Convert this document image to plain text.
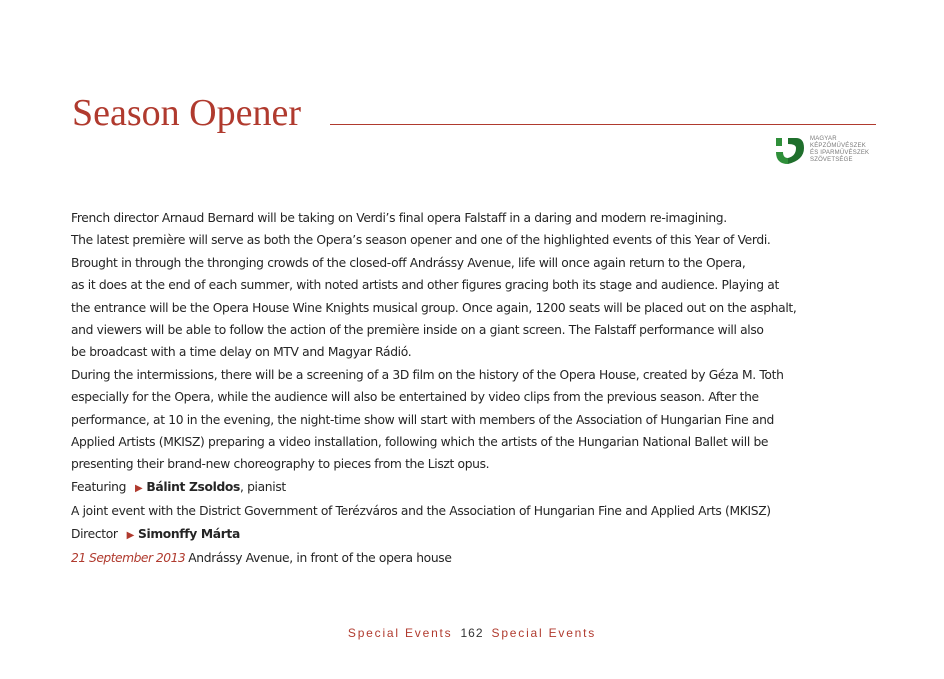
Season Opener
MAGYAR
KÉPZŐMŰVÉSZEK
ÉS IPARMŰVÉSZEK
SZÖVETSÉGE
French director Arnaud Bernard will be taking on Verdi’s final opera Falstaff in a daring and modern re-imagining.
The latest première will serve as both the Opera’s season opener and one of the highlighted events of this Year of Verdi.
Brought in through the thronging crowds of the closed-off Andrássy Avenue, life will once again return to the Opera,
as it does at the end of each summer, with noted artists and other figures gracing both its stage and audience. Playing at
the entrance will be the Opera House Wine Knights musical group. Once again, 1200 seats will be placed out on the asphalt,
and viewers will be able to follow the action of the première inside on a giant screen. The Falstaff performance will also
be broadcast with a time delay on MTV and Magyar Rádió.
During the intermissions, there will be a screening of a 3D film on the history of the Opera House, created by Géza M. Toth
especially for the Opera, while the audience will also be entertained by video clips from the previous season. After the
performance, at 10 in the evening, the night-time show will start with members of the Association of Hungarian Fine and
Applied Artists (MKISZ) preparing a video installation, following which the artists of the Hungarian National Ballet will be
presenting their brand-new choreography to pieces from the Liszt opus.
Featuring ▶ Bálint Zsoldos, pianist
A joint event with the District Government of Terézváros and the Association of Hungarian Fine and Applied Arts (MKISZ)
Director ▶ Simonffy Márta
21 September 2013 Andrássy Avenue, in front of the opera house
Special Events 162 Special Events
